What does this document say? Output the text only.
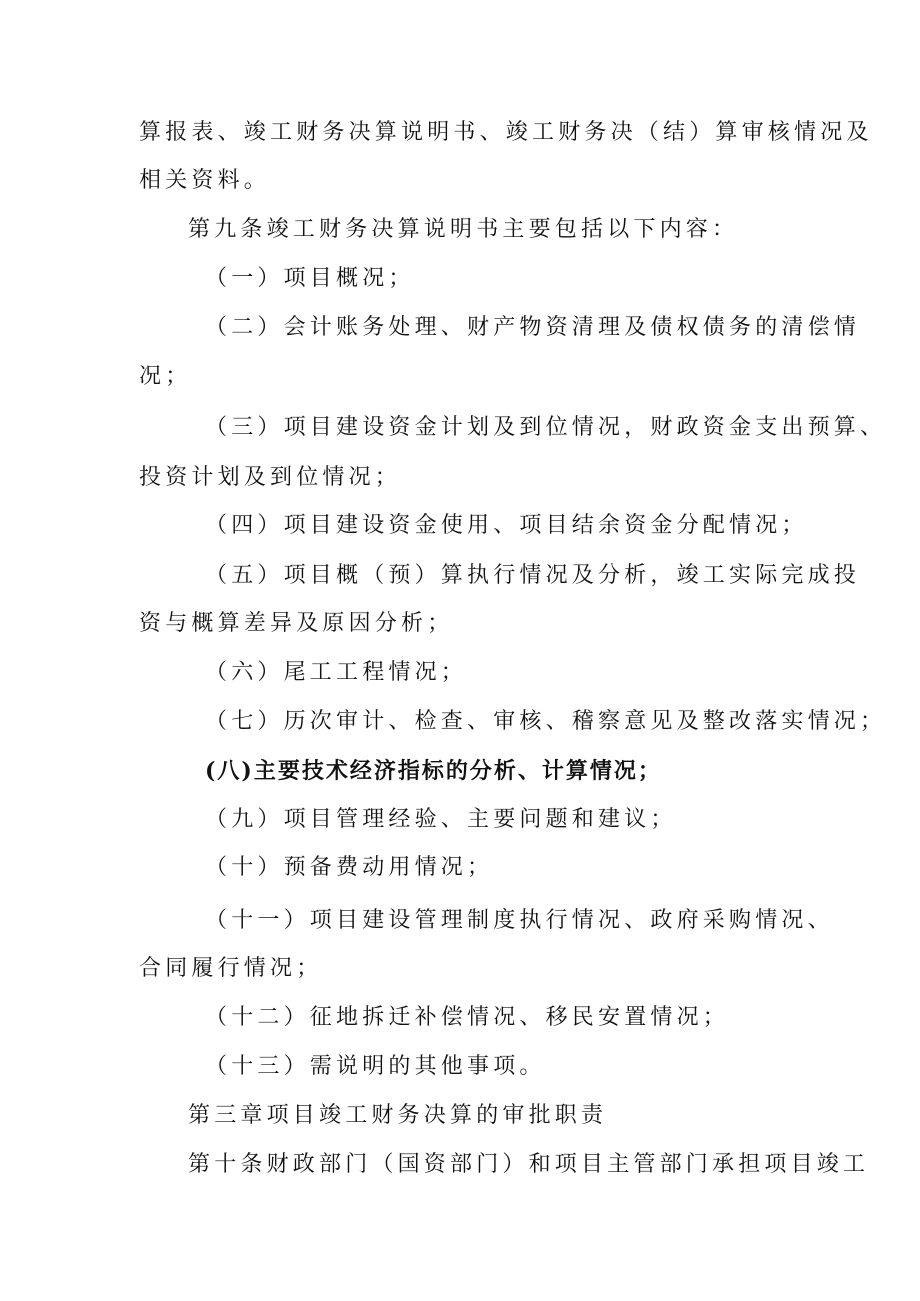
算报表、竣工财务决算说明书、竣工财务决（结）算审核情况及
相关资料。
第九条竣工财务决算说明书主要包括以下内容：
（一）项目概况；
（二）会计账务处理、财产物资清理及债权债务的清偿情
况；
（三）项目建设资金计划及到位情况，财政资金支出预算、
投资计划及到位情况；
（四）项目建设资金使用、项目结余资金分配情况；
（五）项目概（预）算执行情况及分析，竣工实际完成投
资与概算差异及原因分析；
（六）尾工工程情况；
（七）历次审计、检查、审核、稽察意见及整改落实情况；
(八)主要技术经济指标的分析、计算情况；
（九）项目管理经验、主要问题和建议；
（十）预备费动用情况；
（十一）项目建设管理制度执行情况、政府采购情况、
合同履行情况；
（十二）征地拆迁补偿情况、移民安置情况；
（十三）需说明的其他事项。
第三章项目竣工财务决算的审批职责
第十条财政部门（国资部门）和项目主管部门承担项目竣工
